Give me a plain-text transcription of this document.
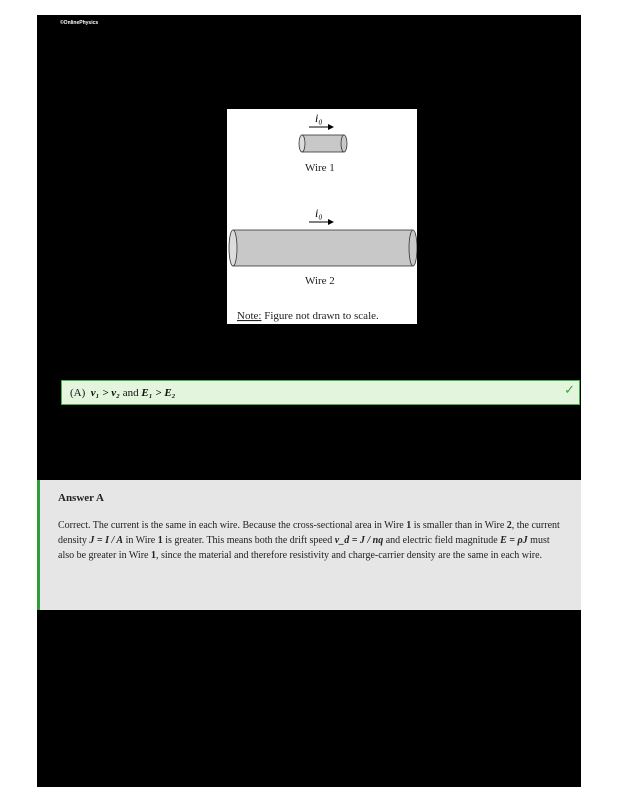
©OnlinePhysics
i₀
Wire 1
i₀
Wire 2
Note: Figure not drawn to scale.
(A)
v₁ > v₂ and E₁ > E₂	✓
Answer A
Correct. The current is the same in each wire. Because the cross-sectional area in Wire 1 is smaller than in Wire 2, the current density J = I / A in Wire 1 is greater. This means both the drift speed v_d = J / nq and electric field magnitude E = ρJ must also be greater in Wire 1, since the material and therefore resistivity and charge-carrier density are the same in each wire.
